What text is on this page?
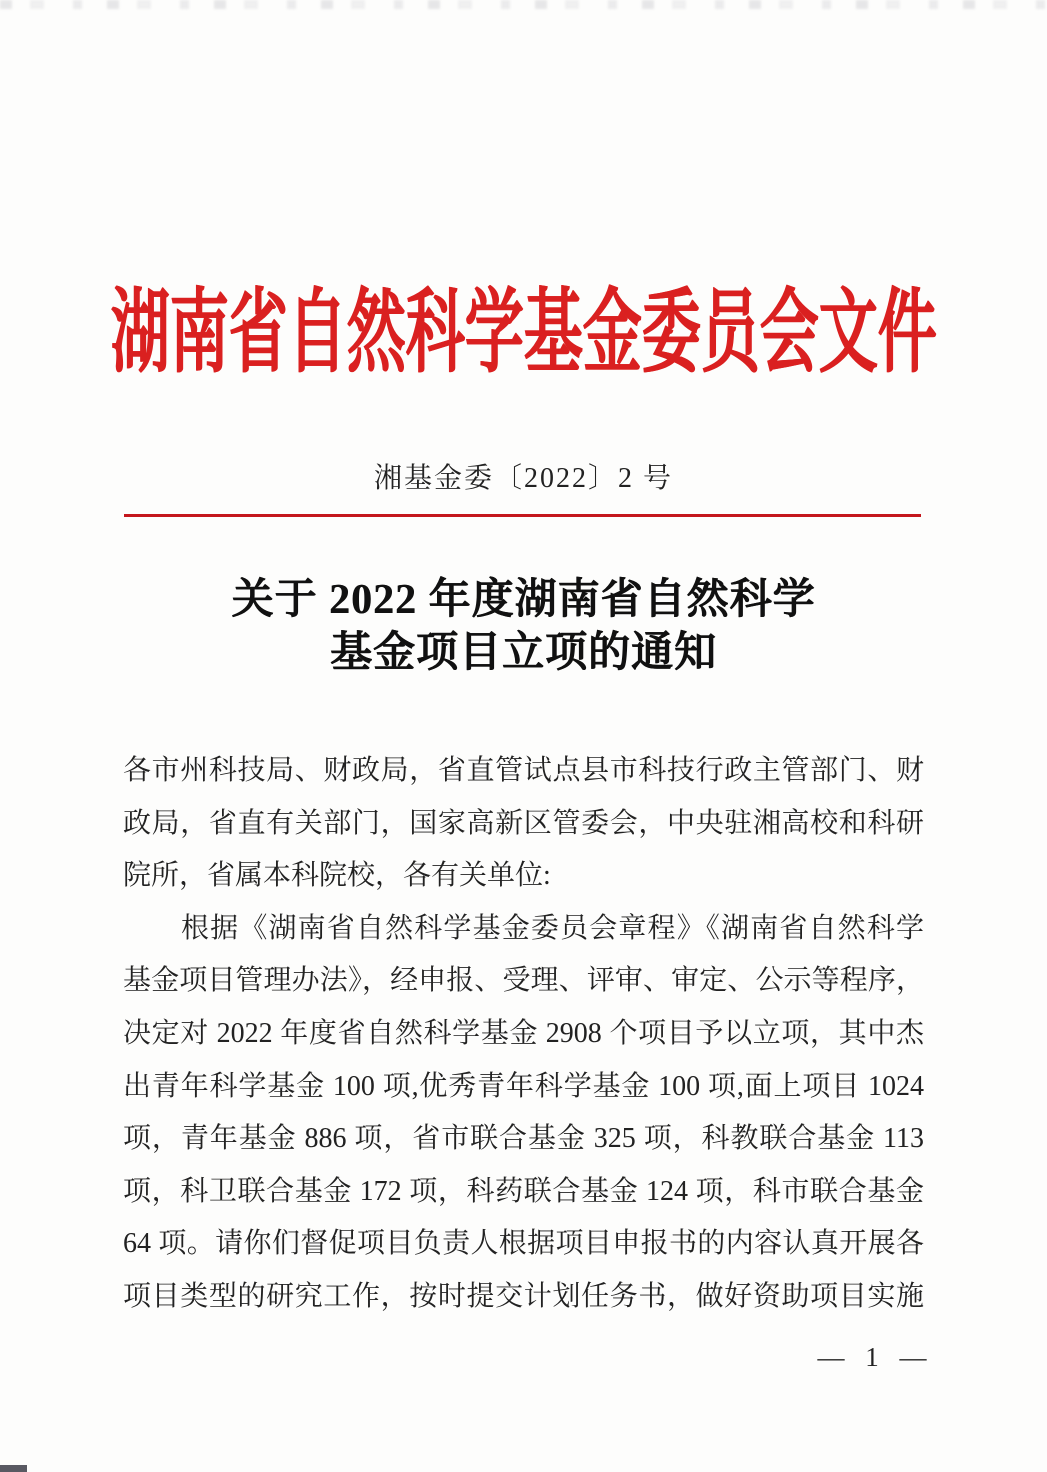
湖南省自然科学基金委员会文件
湘基金委〔2022〕2 号
关于 2022 年度湖南省自然科学
基金项目立项的通知
各市州科技局、财政局，省直管试点县市科技行政主管部门、财
政局，省直有关部门，国家高新区管委会，中央驻湘高校和科研
院所，省属本科院校，各有关单位:
根据《湖南省自然科学基金委员会章程》《湖南省自然科学
基金项目管理办法》，经申报、受理、评审、审定、公示等程序，
决定对 2022 年度省自然科学基金 2908 个项目予以立项，其中杰
出青年科学基金 100 项,优秀青年科学基金 100 项,面上项目 1024
项，青年基金 886 项，省市联合基金 325 项，科教联合基金 113
项，科卫联合基金 172 项，科药联合基金 124 项，科市联合基金
64 项。请你们督促项目负责人根据项目申报书的内容认真开展各
项目类型的研究工作，按时提交计划任务书，做好资助项目实施
— 1 —
